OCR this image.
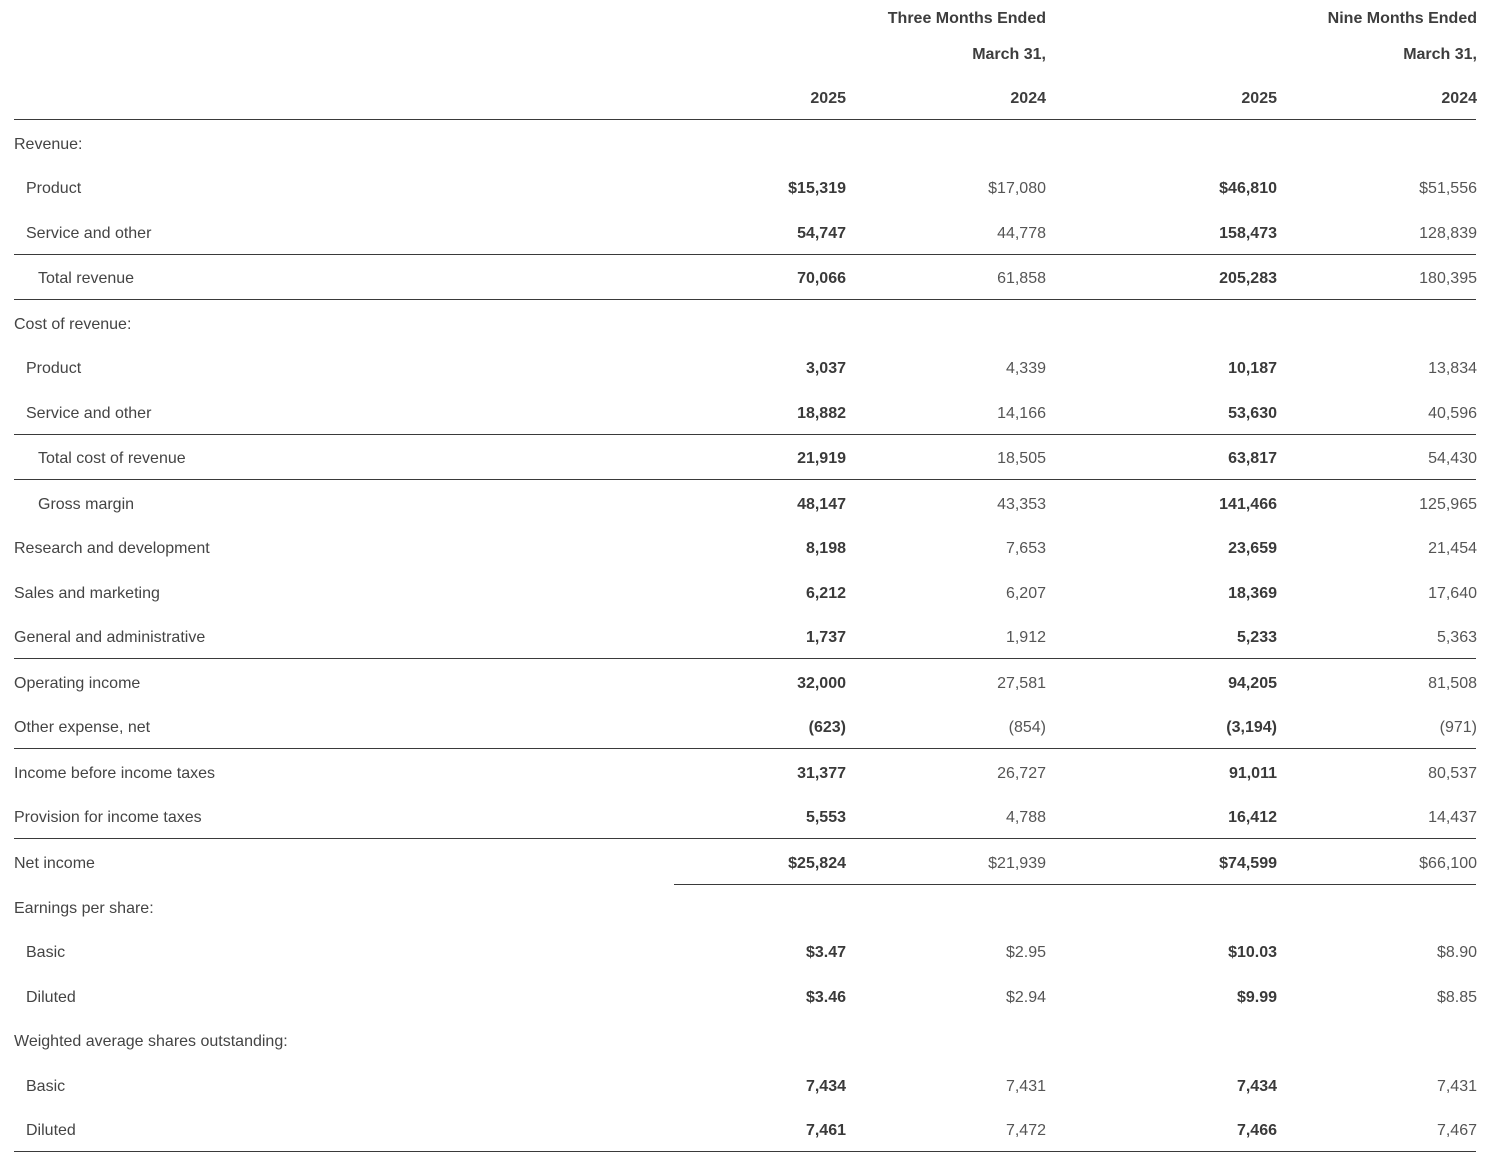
Three Months Ended
March 31,
Nine Months Ended
March 31,
2025	2024	2025	2024
Revenue:
Product	$15,319	$17,080	$46,810	$51,556
Service and other	54,747	44,778	158,473	128,839
Total revenue	70,066	61,858	205,283	180,395
Cost of revenue:
Product	3,037	4,339	10,187	13,834
Service and other	18,882	14,166	53,630	40,596
Total cost of revenue	21,919	18,505	63,817	54,430
Gross margin	48,147	43,353	141,466	125,965
Research and development	8,198	7,653	23,659	21,454
Sales and marketing	6,212	6,207	18,369	17,640
General and administrative	1,737	1,912	5,233	5,363
Operating income	32,000	27,581	94,205	81,508
Other expense, net	(623)	(854)	(3,194)	(971)
Income before income taxes	31,377	26,727	91,011	80,537
Provision for income taxes	5,553	4,788	16,412	14,437
Net income	$25,824	$21,939	$74,599	$66,100
Earnings per share:
Basic	$3.47	$2.95	$10.03	$8.90
Diluted	$3.46	$2.94	$9.99	$8.85
Weighted average shares outstanding:
Basic	7,434	7,431	7,434	7,431
Diluted	7,461	7,472	7,466	7,467
